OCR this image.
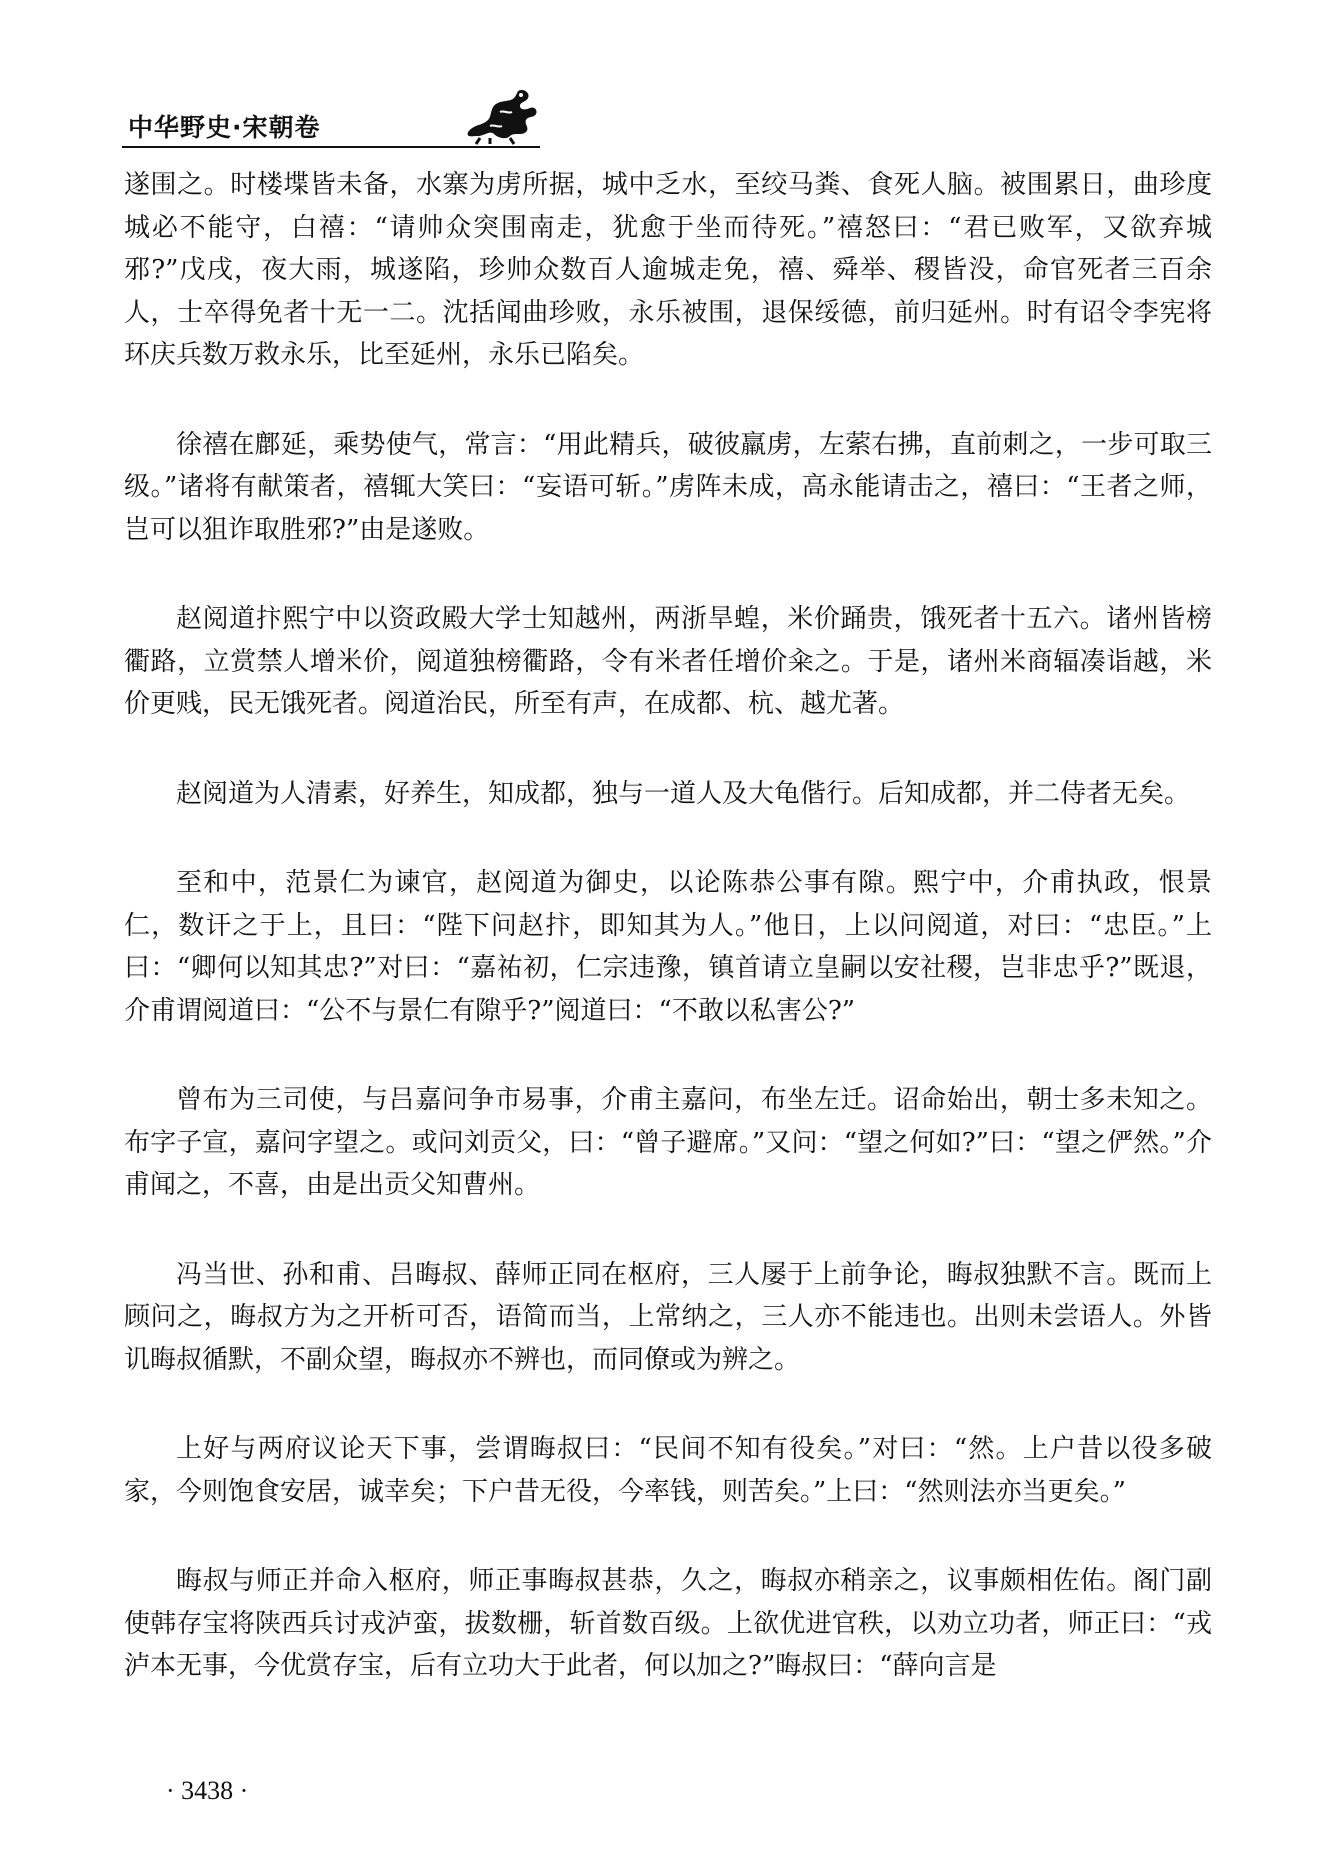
中华野史·宋朝卷

遂围之。时楼堞皆未备，水寨为虏所据，城中乏水，至绞马粪、食死人脑。被围累日，曲珍度城必不能守，白禧：“请帅众突围南走，犹愈于坐而待死。”禧怒曰：“君已败军，又欲弃城邪?”戊戌，夜大雨，城遂陷，珍帅众数百人逾城走免，禧、舜举、稷皆没，命官死者三百余人，士卒得免者十无一二。沈括闻曲珍败，永乐被围，退保绥德，前归延州。时有诏令李宪将环庆兵数万救永乐，比至延州，永乐已陷矣。

徐禧在鄜延，乘势使气，常言：“用此精兵，破彼羸虏，左萦右拂，直前刺之，一步可取三级。”诸将有献策者，禧辄大笑曰：“妄语可斩。”虏阵未成，高永能请击之，禧曰：“王者之师，岂可以狙诈取胜邪?”由是遂败。

赵阅道抃熙宁中以资政殿大学士知越州，两浙旱蝗，米价踊贵，饿死者十五六。诸州皆榜衢路，立赏禁人增米价，阅道独榜衢路，令有米者任增价籴之。于是，诸州米商辐凑诣越，米价更贱，民无饿死者。阅道治民，所至有声，在成都、杭、越尤著。

赵阅道为人清素，好养生，知成都，独与一道人及大龟偕行。后知成都，并二侍者无矣。

至和中，范景仁为谏官，赵阅道为御史，以论陈恭公事有隙。熙宁中，介甫执政，恨景仁，数讦之于上，且曰：“陛下问赵抃，即知其为人。”他日，上以问阅道，对曰：“忠臣。”上曰：“卿何以知其忠?”对曰：“嘉祐初，仁宗违豫，镇首请立皇嗣以安社稷，岂非忠乎?”既退，介甫谓阅道曰：“公不与景仁有隙乎?”阅道曰：“不敢以私害公?”

曾布为三司使，与吕嘉问争市易事，介甫主嘉问，布坐左迁。诏命始出，朝士多未知之。布字子宣，嘉问字望之。或问刘贡父，曰：“曾子避席。”又问：“望之何如?”曰：“望之俨然。”介甫闻之，不喜，由是出贡父知曹州。

冯当世、孙和甫、吕晦叔、薛师正同在枢府，三人屡于上前争论，晦叔独默不言。既而上顾问之，晦叔方为之开析可否，语简而当，上常纳之，三人亦不能违也。出则未尝语人。外皆讥晦叔循默，不副众望，晦叔亦不辨也，而同僚或为辨之。

上好与两府议论天下事，尝谓晦叔曰：“民间不知有役矣。”对曰：“然。上户昔以役多破家，今则饱食安居，诚幸矣；下户昔无役，今率钱，则苦矣。”上曰：“然则法亦当更矣。”

晦叔与师正并命入枢府，师正事晦叔甚恭，久之，晦叔亦稍亲之，议事颇相佐佑。阁门副使韩存宝将陕西兵讨戎泸蛮，拔数栅，斩首数百级。上欲优进官秩，以劝立功者，师正曰：“戎泸本无事，今优赏存宝，后有立功大于此者，何以加之?”晦叔曰：“薛向言是

· 3438 ·
